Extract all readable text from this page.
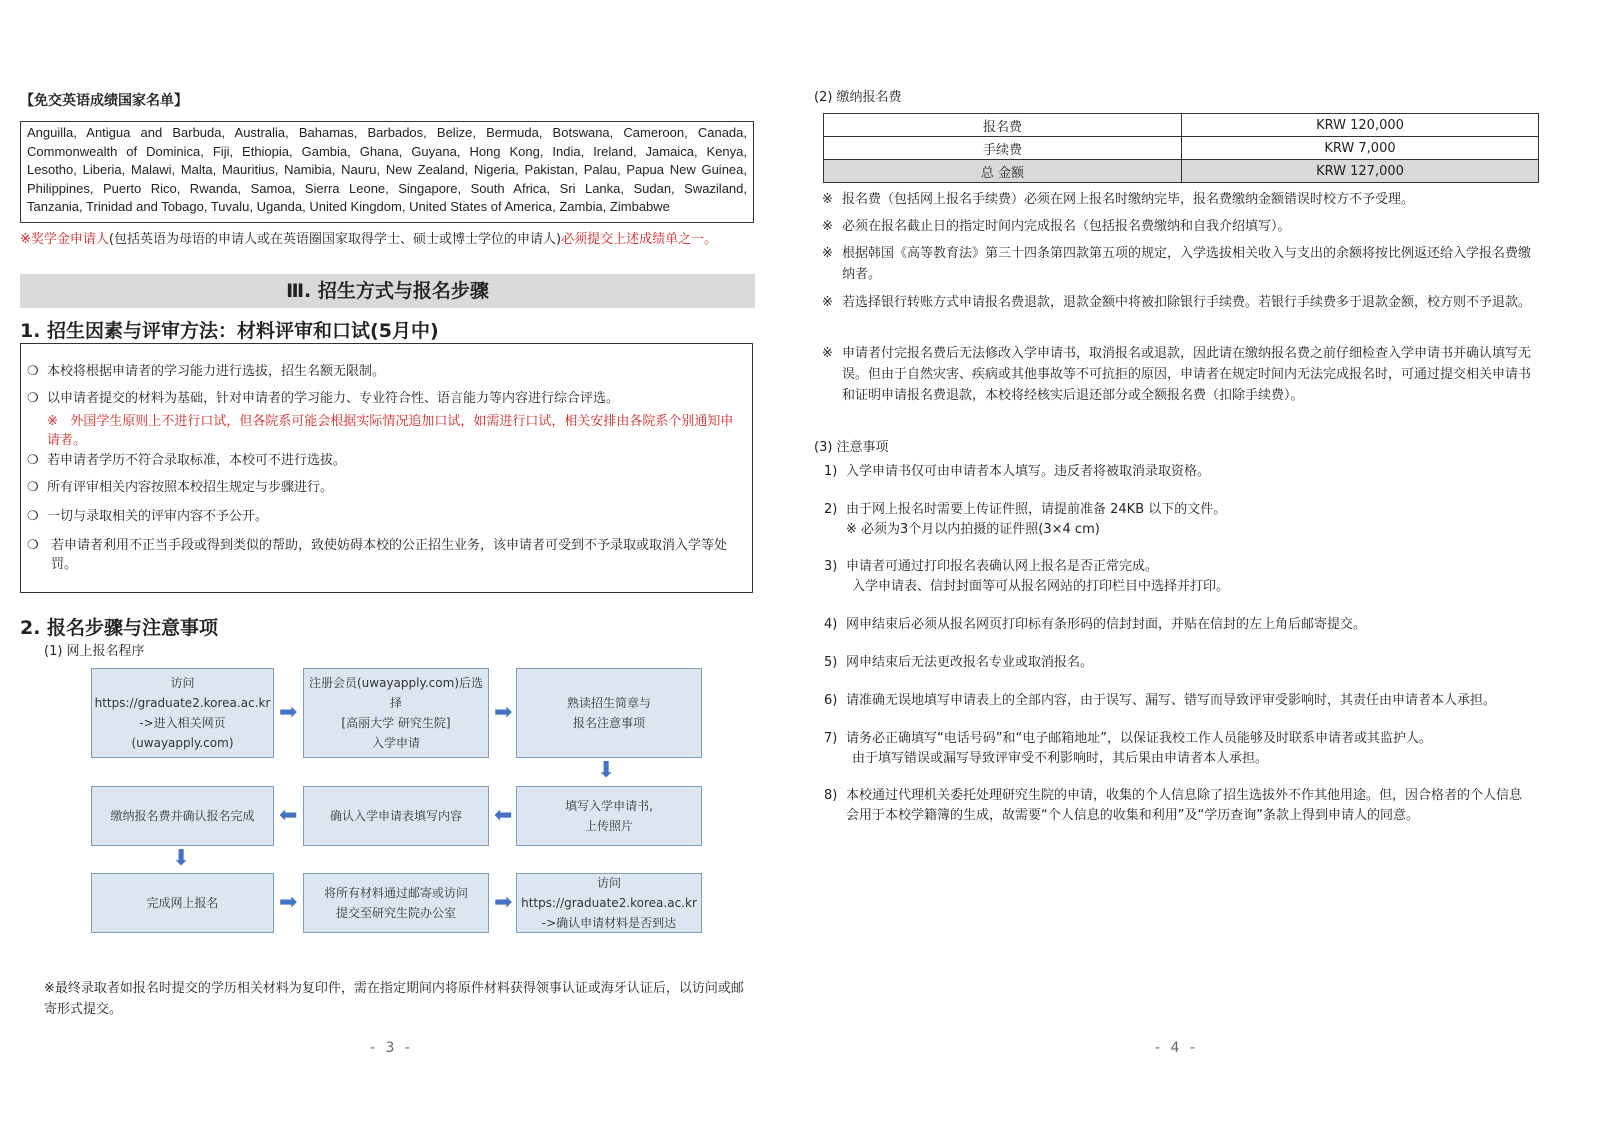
【免交英语成绩国家名单】
Anguilla, Antigua and Barbuda, Australia, Bahamas, Barbados, Belize, Bermuda, Botswana, Cameroon, Canada,
Commonwealth of Dominica, Fiji, Ethiopia, Gambia, Ghana, Guyana, Hong Kong, India, Ireland, Jamaica, Kenya,
Lesotho, Liberia, Malawi, Malta, Mauritius, Namibia, Nauru, New Zealand, Nigeria, Pakistan, Palau, Papua New Guinea,
Philippines, Puerto Rico, Rwanda, Samoa, Sierra Leone, Singapore, South Africa, Sri Lanka, Sudan, Swaziland,
Tanzania, Trinidad and Tobago, Tuvalu, Uganda, United Kingdom, United States of America, Zambia, Zimbabwe
※奖学金申请人(包括英语为母语的申请人或在英语圈国家取得学士、硕士或博士学位的申请人)必须提交上述成绩单之一。
Ⅲ. 招生方式与报名步骤
1. 招生因素与评审方法：材料评审和口试(5月中)
❍ 本校将根据申请者的学习能力进行选拔，招生名额无限制。
❍ 以申请者提交的材料为基础，针对申请者的学习能力、专业符合性、语言能力等内容进行综合评选。
※ 外国学生原则上不进行口试，但各院系可能会根据实际情况追加口试，如需进行口试，相关安排由各院系个别通知申请者。
❍ 若申请者学历不符合录取标准，本校可不进行选拔。
❍ 所有评审相关内容按照本校招生规定与步骤进行。
❍ 一切与录取相关的评审内容不予公开。
❍ 若申请者利用不正当手段或得到类似的帮助，致使妨碍本校的公正招生业务，该申请者可受到不予录取或取消入学等处罚。
2. 报名步骤与注意事项
(1) 网上报名程序
访问
https://graduate2.korea.ac.kr
->进入相关网页(uwayapply.com)
注册会员(uwayapply.com)后选择
[高丽大学 研究生院]
入学申请
熟读招生简章与
报名注意事项
填写入学申请书,
上传照片
确认入学申请表填写内容
缴纳报名费并确认报名完成
完成网上报名
将所有材料通过邮寄或访问
提交至研究生院办公室
访问
https://graduate2.korea.ac.kr
->确认申请材料是否到达
➡	➡
⬇
⬅
⬅
⬇
➡	➡
※最终录取者如报名时提交的学历相关材料为复印件，需在指定期间内将原件材料获得领事认证或海牙认证后，以访问或邮寄形式提交。
- 3 -
(2) 缴纳报名费
报名费	KRW 120,000
手续费	KRW 7,000
总 金额	KRW 127,000
※ 报名费（包括网上报名手续费）必须在网上报名时缴纳完毕，报名费缴纳金额错误时校方不予受理。
※ 必须在报名截止日的指定时间内完成报名（包括报名费缴纳和自我介绍填写）。
※ 根据韩国《高等教育法》第三十四条第四款第五项的规定，入学选拔相关收入与支出的余额将按比例返还给入学报名费缴纳者。
※ 若选择银行转账方式申请报名费退款，退款金额中将被扣除银行手续费。若银行手续费多于退款金额，校方则不予退款。
※ 申请者付完报名费后无法修改入学申请书，取消报名或退款，因此请在缴纳报名费之前仔细检查入学申请书并确认填写无误。但由于自然灾害、疾病或其他事故等不可抗拒的原因，申请者在规定时间内无法完成报名时，可通过提交相关申请书和证明申请报名费退款，本校将经核实后退还部分或全额报名费（扣除手续费）。
(3) 注意事项
1) 入学申请书仅可由申请者本人填写。违反者将被取消录取资格。
2) 由于网上报名时需要上传证件照，请提前准备 24KB 以下的文件。
※ 必须为3个月以内拍摄的证件照(3×4 cm)
3) 申请者可通过打印报名表确认网上报名是否正常完成。
入学申请表、信封封面等可从报名网站的打印栏目中选择并打印。
4) 网申结束后必须从报名网页打印标有条形码的信封封面，并贴在信封的左上角后邮寄提交。
5) 网申结束后无法更改报名专业或取消报名。
6) 请准确无误地填写申请表上的全部内容，由于误写、漏写、错写而导致评审受影响时，其责任由申请者本人承担。
7) 请务必正确填写“电话号码”和“电子邮箱地址”，以保证我校工作人员能够及时联系申请者或其监护人。
由于填写错误或漏写导致评审受不利影响时，其后果由申请者本人承担。
8) 本校通过代理机关委托处理研究生院的申请，收集的个人信息除了招生选拔外不作其他用途。但，因合格者的个人信息会用于本校学籍簿的生成，故需要“个人信息的收集和利用”及“学历查询”条款上得到申请人的同意。
- 4 -
